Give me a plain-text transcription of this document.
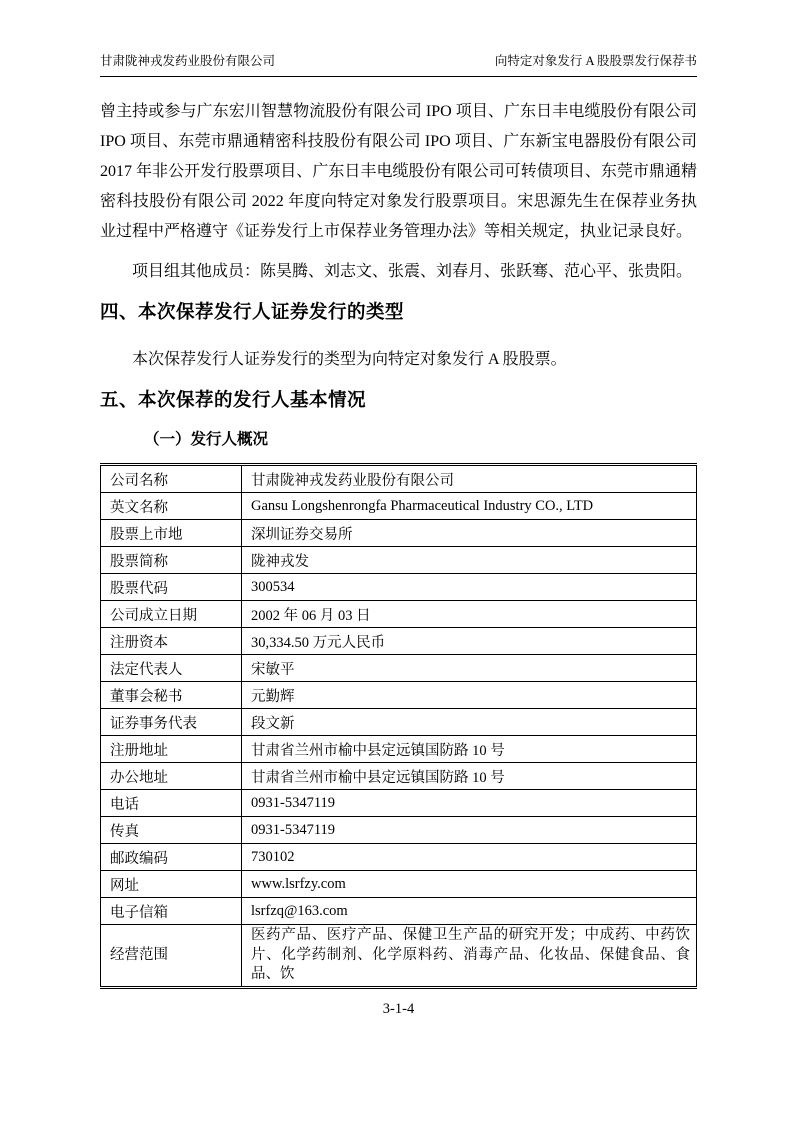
甘肃陇神戎发药业股份有限公司	向特定对象发行 A 股股票发行保荐书

曾主持或参与广东宏川智慧物流股份有限公司 IPO 项目、广东日丰电缆股份有限公司 IPO 项目、东莞市鼎通精密科技股份有限公司 IPO 项目、广东新宝电器股份有限公司 2017 年非公开发行股票项目、广东日丰电缆股份有限公司可转债项目、东莞市鼎通精密科技股份有限公司 2022 年度向特定对象发行股票项目。宋思源先生在保荐业务执业过程中严格遵守《证券发行上市保荐业务管理办法》等相关规定，执业记录良好。

项目组其他成员：陈昊腾、刘志文、张震、刘春月、张跃骞、范心平、张贵阳。

四、本次保荐发行人证券发行的类型

本次保荐发行人证券发行的类型为向特定对象发行 A 股股票。

五、本次保荐的发行人基本情况
（一）发行人概况
公司名称	甘肃陇神戎发药业股份有限公司
英文名称	Gansu Longshenrongfa Pharmaceutical Industry CO., LTD
股票上市地	深圳证券交易所
股票简称	陇神戎发
股票代码	300534
公司成立日期	2002 年 06 月 03 日
注册资本	30,334.50 万元人民币
法定代表人	宋敏平
董事会秘书	元勤辉
证券事务代表	段文新
注册地址	甘肃省兰州市榆中县定远镇国防路 10 号
办公地址	甘肃省兰州市榆中县定远镇国防路 10 号
电话	0931-5347119
传真	0931-5347119
邮政编码	730102
网址	www.lsrfzy.com
电子信箱	lsrfzq@163.com
经营范围	医药产品、医疗产品、保健卫生产品的研究开发；中成药、中药饮片、化学药制剂、化学原料药、消毒产品、化妆品、保健食品、食品、饮
3-1-4
